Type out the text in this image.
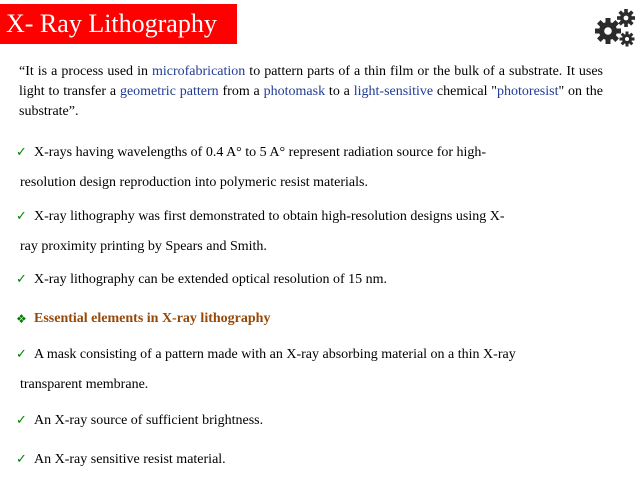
X- Ray Lithography
“It is a process used in microfabrication to pattern parts of a thin film or the bulk of a substrate. It uses light to transfer a geometric pattern from a photomask to a light-sensitive chemical "photoresist" on the substrate”.
✓ X-rays having wavelengths of 0.4 A° to 5 A° represent radiation source for high-
resolution design reproduction into polymeric resist materials.
✓ X-ray lithography was first demonstrated to obtain high-resolution designs using X-
ray proximity printing by Spears and Smith.
✓ X-ray lithography can be extended optical resolution of 15 nm.
❖ Essential elements in X-ray lithography
✓ A mask consisting of a pattern made with an X-ray absorbing material on a thin X-ray
transparent membrane.
✓ An X-ray source of sufficient brightness.
✓ An X-ray sensitive resist material.
